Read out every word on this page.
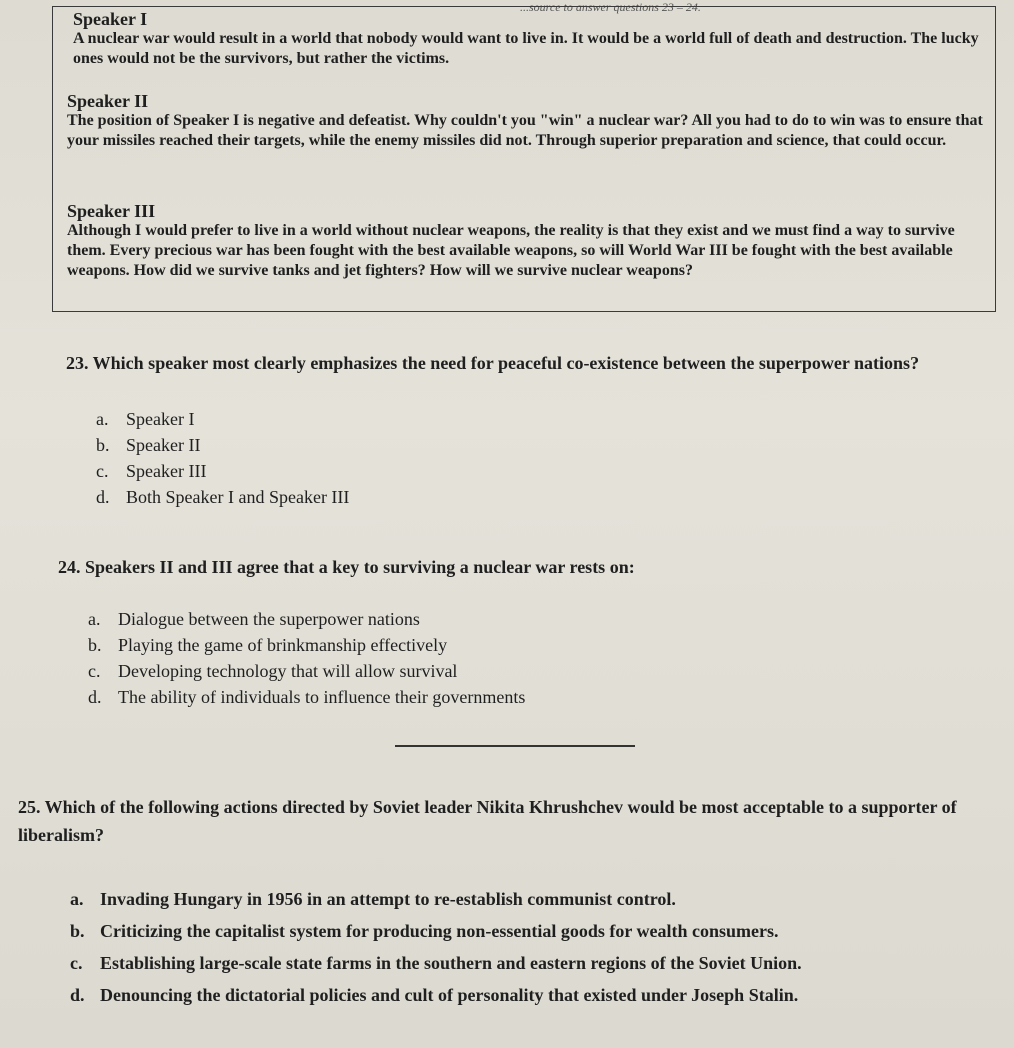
...source to answer questions 23 – 24.
Speaker I
A nuclear war would result in a world that nobody would want to live in. It would be a world full of death and destruction. The lucky ones would not be the survivors, but rather the victims.
Speaker II
The position of Speaker I is negative and defeatist. Why couldn't you "win" a nuclear war? All you had to do to win was to ensure that your missiles reached their targets, while the enemy missiles did not. Through superior preparation and science, that could occur.
Speaker III
Although I would prefer to live in a world without nuclear weapons, the reality is that they exist and we must find a way to survive them. Every precious war has been fought with the best available weapons, so will World War III be fought with the best available weapons. How did we survive tanks and jet fighters? How will we survive nuclear weapons?
23. Which speaker most clearly emphasizes the need for peaceful co-existence between the superpower nations?
a. Speaker I
b. Speaker II
c. Speaker III
d. Both Speaker I and Speaker III
24. Speakers II and III agree that a key to surviving a nuclear war rests on:
a. Dialogue between the superpower nations
b. Playing the game of brinkmanship effectively
c. Developing technology that will allow survival
d. The ability of individuals to influence their governments
25. Which of the following actions directed by Soviet leader Nikita Khrushchev would be most acceptable to a supporter of liberalism?
a. Invading Hungary in 1956 in an attempt to re-establish communist control.
b. Criticizing the capitalist system for producing non-essential goods for wealth consumers.
c. Establishing large-scale state farms in the southern and eastern regions of the Soviet Union.
d. Denouncing the dictatorial policies and cult of personality that existed under Joseph Stalin.
